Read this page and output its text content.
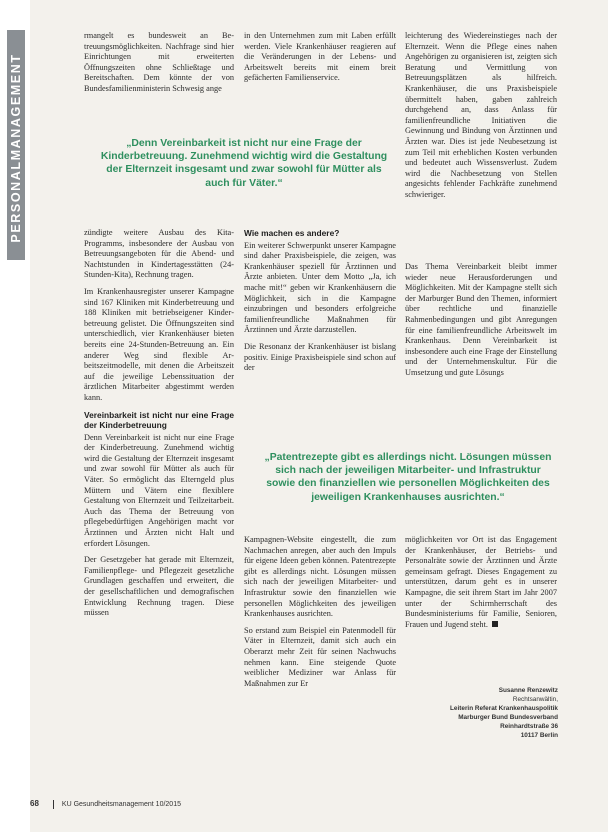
PERSONALMANAGEMENT

rmangelt es bundesweit an Betreuungsmöglichkeiten. Nachfrage sind hier Einrichtungen mit erweiterten Öffnungszeiten ohne Schließtage und Bereitschaften. Dem könnte der von Bundesfamilienministerin Schwesig ange

in den Unternehmen zum mit Laben erfüllt werden. Viele Krankenhäuser reagieren auf die Veränderungen in der Lebens- und Arbeitswelt bereits mit einem breit gefächerten Familienservice.

leichterung des Wiedereinstieges nach der Elternzeit. Wenn die Pflege eines nahen Angehörigen zu organisieren ist, zeigten sich Beratung und Vermittlung von Betreuungsplätzen als hilfreich. Krankenhäuser, die uns Praxisbeispiele übermittelt haben, gaben zahlreich durchgehend an, dass Anlass für familienfreundliche Initiativen die Gewinnung und Bindung von Ärztinnen und Ärzten war. Dies ist jede Neubesetzung ist zum Teil mit erheblichen Kosten verbunden und bedeutet auch Wissensverlust. Zudem wird die Nachbesetzung von Stellen angesichts fehlender Fachkräfte zunehmend schwieriger.

„Denn Vereinbarkeit ist nicht nur eine Frage der Kinderbetreuung. Zunehmend wichtig wird die Gestaltung der Elternzeit insgesamt und zwar sowohl für Mütter als auch für Väter.“

zündigte weitere Ausbau des Kita-Programms, insbesondere der Ausbau von Betreuungsangeboten für die Abend- und Nachtstunden in Kindertagesstätten (24-Stunden-Kita), Rechnung tragen.

Im Krankenhausregister unserer Kampagne sind 167 Kliniken mit Kinderbetreuung und 188 Kliniken mit betriebseigener Kinderbetreuung gelistet. Die Öffnungszeiten sind unterschiedlich, vier Krankenhäuser bieten bereits eine 24-Stunden-Betreuung an. Ein anderer Weg sind flexible Arbeitszeitmodelle, mit denen die Arbeitszeit auf die jeweilige Lebenssituation der ärztlichen Mitarbeiter abgestimmt werden kann.

Vereinbarkeit ist nicht nur eine Frage der Kinderbetreuung

Denn Vereinbarkeit ist nicht nur eine Frage der Kinderbetreuung. Zunehmend wichtig wird die Gestaltung der Elternzeit insgesamt und zwar sowohl für Mütter als auch für Väter. So ermöglicht das Elterngeld plus Müttern und Vätern eine flexiblere Gestaltung von Elternzeit und Teilzeitarbeit. Auch das Thema der Betreuung von pflegebedürftigen Angehörigen macht vor Ärztinnen und Ärzten nicht Halt und erfordert Lösungen.

Der Gesetzgeber hat gerade mit Elternzeit, Familienpflege- und Pflegezeit gesetzliche Grundlagen geschaffen und erweitert, die der gesellschaftlichen und demografischen Entwicklung Rechnung tragen. Diese müssen

Wie machen es andere?

Ein weiterer Schwerpunkt unserer Kampagne sind daher Praxisbeispiele, die zeigen, was Krankenhäuser speziell für Ärztinnen und Ärzte anbieten. Unter dem Motto „Ja, ich mache mit!“ geben wir Krankenhäusern die Möglichkeit, sich in die Kampagne einzubringen und besonders erfolgreiche familienfreundliche Maßnahmen für Ärztinnen und Ärzte darzustellen.

Die Resonanz der Krankenhäuser ist bislang positiv. Einige Praxisbeispiele sind schon auf der

Das Thema Vereinbarkeit bleibt immer wieder neue Herausforderungen und Möglichkeiten. Mit der Kampagne stellt sich der Marburger Bund den Themen, informiert über rechtliche und finanzielle Rahmenbedingungen und gibt Anregungen für eine familienfreundliche Arbeitswelt im Krankenhaus. Denn Vereinbarkeit ist insbesondere auch eine Frage der Einstellung und der Unternehmenskultur. Für die Umsetzung und gute Lösungs

„Patentrezepte gibt es allerdings nicht. Lösungen müssen sich nach der jeweiligen Mitarbeiter- und Infrastruktur sowie den finanziellen wie personellen Möglichkeiten des jeweiligen Krankenhauses ausrichten.“

Kampagnen-Website eingestellt, die zum Nachmachen anregen, aber auch den Impuls für eigene Ideen geben können. Patentrezepte gibt es allerdings nicht. Lösungen müssen sich nach der jeweiligen Mitarbeiter- und Infrastruktur sowie den finanziellen wie personellen Möglichkeiten des jeweiligen Krankenhauses ausrichten.

So erstand zum Beispiel ein Patenmodell für Väter in Elternzeit, damit sich auch ein Oberarzt mehr Zeit für seinen Nachwuchs nehmen kann. Eine steigende Quote weiblicher Mediziner war Anlass für Maßnahmen zur Er

möglichkeiten vor Ort ist das Engagement der Krankenhäuser, der Betriebs- und Personalräte sowie der Ärztinnen und Ärzte gemeinsam gefragt. Dieses Engagement zu unterstützen, darum geht es in unserer Kampagne, die seit ihrem Start im Jahr 2007 unter der Schirmherrschaft des Bundesministeriums für Familie, Senioren, Frauen und Jugend steht.

Susanne Renzewitz
Rechtsanwältin,
Leiterin Referat Krankenhauspolitik
Marburger Bund Bundesverband
Reinhardtstraße 36
10117 Berlin
68	KU Gesundheitsmanagement 10/2015
